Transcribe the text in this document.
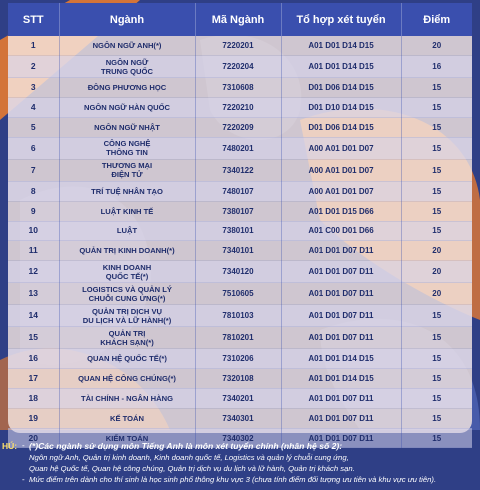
STT	Ngành	Mã Ngành	Tổ hợp xét tuyển	Điểm
1	NGÔN NGỮ ANH(*)	7220201	A01 D01 D14 D15	20
2	NGÔN NGỮ
TRUNG QUỐC	7220204	A01 D01 D14 D15	16
3	ĐÔNG PHƯƠNG HỌC	7310608	D01 D06 D14 D15	15
4	NGÔN NGỮ HÀN QUỐC	7220210	D01 D10 D14 D15	15
5	NGÔN NGỮ NHẬT	7220209	D01 D06 D14 D15	15
6	CÔNG NGHỆ
THÔNG TIN	7480201	A00 A01 D01 D07	15
7	THƯƠNG MẠI
ĐIỆN TỬ	7340122	A00 A01 D01 D07	15
8	TRÍ TUỆ NHÂN TẠO	7480107	A00 A01 D01 D07	15
9	LUẬT KINH TẾ	7380107	A01 D01 D15 D66	15
10	LUẬT	7380101	A01 C00 D01 D66	15
11	QUẢN TRỊ KINH DOANH(*)	7340101	A01 D01 D07 D11	20
12	KINH DOANH
QUỐC TẾ(*)	7340120	A01 D01 D07 D11	20
13	LOGISTICS VÀ QUẢN LÝ
CHUỖI CUNG ỨNG(*)	7510605	A01 D01 D07 D11	20
14	QUẢN TRỊ DỊCH VỤ
DU LỊCH VÀ LỮ HÀNH(*)	7810103	A01 D01 D07 D11	15
15	QUẢN TRỊ
KHÁCH SẠN(*)	7810201	A01 D01 D07 D11	15
16	QUAN HỆ QUỐC TẾ(*)	7310206	A01 D01 D14 D15	15
17	QUAN HỆ CÔNG CHÚNG(*)	7320108	A01 D01 D14 D15	15
18	TÀI CHÍNH - NGÂN HÀNG	7340201	A01 D01 D07 D11	15
19	KẾ TOÁN	7340301	A01 D01 D07 D11	15
20	KIỂM TOÁN	7340302	A01 D01 D07 D11	15
HÚ: - (*)Các ngành sử dụng môn Tiếng Anh là môn xét tuyển chính (nhân hệ số 2):
Ngôn ngữ Anh, Quản trị kinh doanh, Kinh doanh quốc tế, Logistics và quản lý chuỗi cung ứng,
Quan hệ Quốc tế, Quan hệ công chúng, Quản trị dịch vụ du lịch và lữ hành, Quản trị khách sạn.
- Mức điểm trên dành cho thí sinh là học sinh phổ thông khu vực 3 (chưa tính điểm đối tượng ưu tiên và khu vực ưu tiên).
